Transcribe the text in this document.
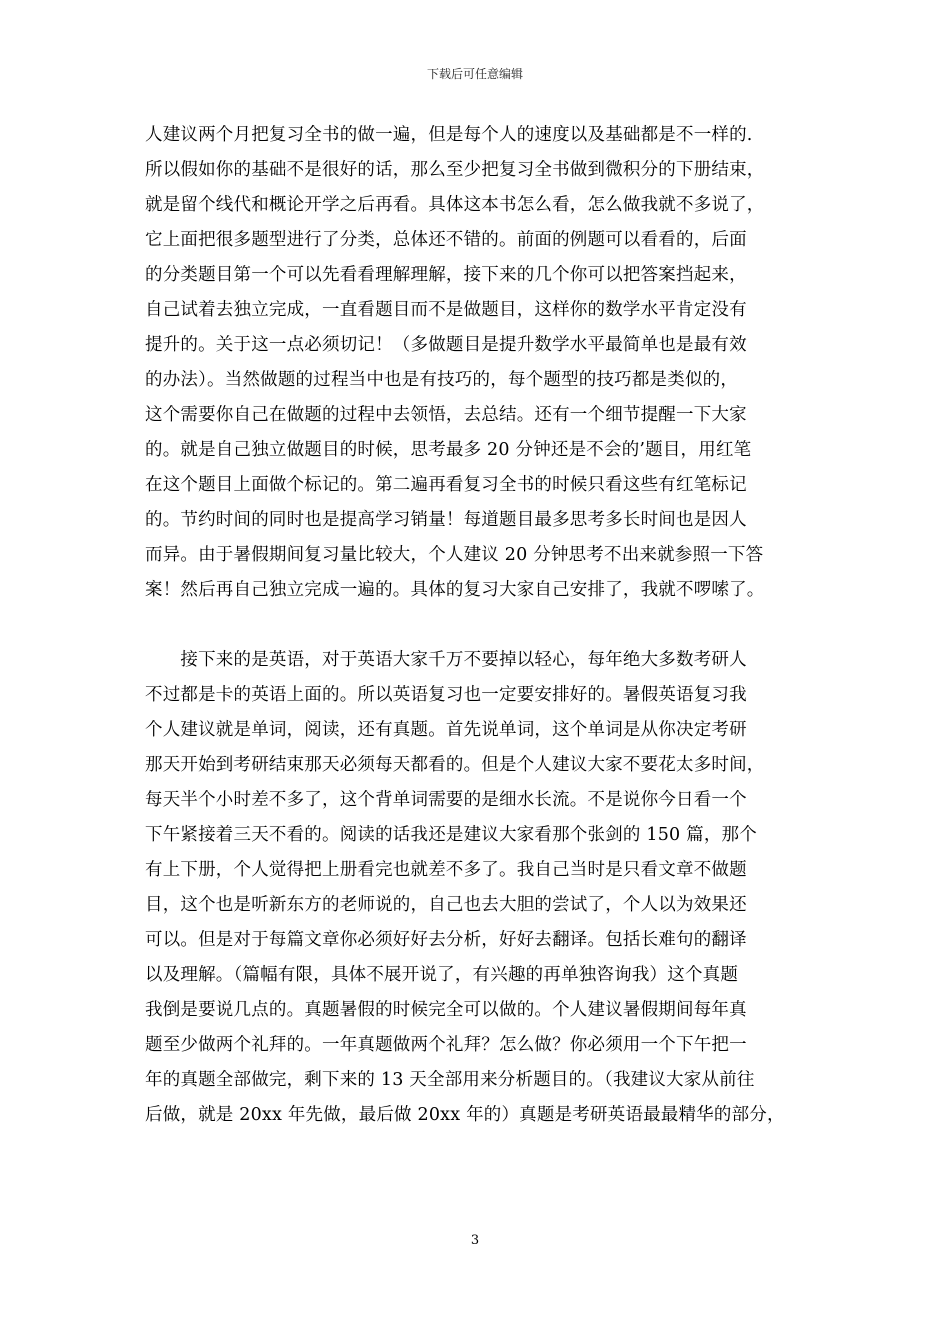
下载后可任意编辑
人建议两个月把复习全书的做一遍，但是每个人的速度以及基础都是不一样的.
所以假如你的基础不是很好的话，那么至少把复习全书做到微积分的下册结束，
就是留个线代和概论开学之后再看。具体这本书怎么看，怎么做我就不多说了，
它上面把很多题型进行了分类，总体还不错的。前面的例题可以看看的，后面
的分类题目第一个可以先看看理解理解，接下来的几个你可以把答案挡起来，
自己试着去独立完成，一直看题目而不是做题目，这样你的数学水平肯定没有
提升的。关于这一点必须切记！（多做题目是提升数学水平最简单也是最有效
的办法）。当然做题的过程当中也是有技巧的，每个题型的技巧都是类似的，
这个需要你自己在做题的过程中去领悟，去总结。还有一个细节提醒一下大家
的。就是自己独立做题目的时候，思考最多 20 分钟还是不会的’题目，用红笔
在这个题目上面做个标记的。第二遍再看复习全书的时候只看这些有红笔标记
的。节约时间的同时也是提高学习销量！每道题目最多思考多长时间也是因人
而异。由于暑假期间复习量比较大，个人建议 20 分钟思考不出来就参照一下答
案！然后再自己独立完成一遍的。具体的复习大家自己安排了，我就不啰嗦了。
　　接下来的是英语，对于英语大家千万不要掉以轻心，每年绝大多数考研人
不过都是卡的英语上面的。所以英语复习也一定要安排好的。暑假英语复习我
个人建议就是单词，阅读，还有真题。首先说单词，这个单词是从你决定考研
那天开始到考研结束那天必须每天都看的。但是个人建议大家不要花太多时间，
每天半个小时差不多了，这个背单词需要的是细水长流。不是说你今日看一个
下午紧接着三天不看的。阅读的话我还是建议大家看那个张剑的 150 篇，那个
有上下册，个人觉得把上册看完也就差不多了。我自己当时是只看文章不做题
目，这个也是听新东方的老师说的，自己也去大胆的尝试了，个人以为效果还
可以。但是对于每篇文章你必须好好去分析，好好去翻译。包括长难句的翻译
以及理解。（篇幅有限，具体不展开说了，有兴趣的再单独咨询我）这个真题
我倒是要说几点的。真题暑假的时候完全可以做的。个人建议暑假期间每年真
题至少做两个礼拜的。一年真题做两个礼拜？怎么做？你必须用一个下午把一
年的真题全部做完，剩下来的 13 天全部用来分析题目的。（我建议大家从前往
后做，就是 20xx 年先做，最后做 20xx 年的）真题是考研英语最最精华的部分，
3
